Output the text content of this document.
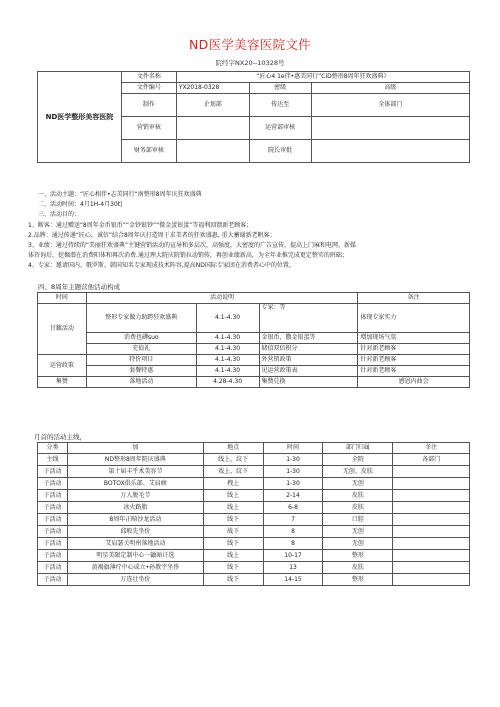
ND医学美容医院文件
院经字NX20--10328号
ND医学整形美容医院	文件名称	“匠心4 1e伴•惠美同行”CiD整形8周年狂欢盛典》		
	文件编号	YX2018-0328	密级	高级
	制作	企划部	传达至	全体部门
	营销审核		运营部审核	
	财务部审核		院长审批	
一、活动主题：“匠心相伴•志美同行“南整形8周年庆狂欢盛典
二、活动时间：4月1H-4月30t|
三、活动目的：
1、断客：通过赠送“8周年金币银币”“金钞银钞”“微金蛋银蛋”等福利回馈新老顾客；
2.品牌：通过传递“匠心，诚信”结合8周年庆打造周于求美者的狂欢盛惠, 重大蓄谢新老帆客；
3、业绩：通过持续的“美丽狂欢盛典”主键营销活动的宣导和多层次，高强度，大密度的广告宣传，提高上门麻和电网、新媒
体咨询后，挖掘潜在消费阳体和再次消费.通过理大院庆院销拉动销传，再创业绩新高，为全年业推完成更定整实的班础；
4、专家：邀请国内、俄罗斯、韩国知名专家现成技术阵容,提高ND国际专家团在消费者心中的位置，
四、8周年主题营他活动构成
时间	活动说明			备注
甘籁活动	整形专家做力助跨狂欢盛典	4.1-4.30	专家：等	体现专家实力
	消费也礴suo	4.1-4.30	金银币，撒金银蛋等	增加现场气氛
	充值礼	4.1-4.30	储值双倍积分	针对新老顾客
运营政策	特价项目	4.1-4.30	外营销政策	针对新老顾客
	套餐特惠	4.1-4.30	见运营政策表	针对新老顾客
集赞	落地活动	4.28-4.30	集赞兑换	感恩内曲会
月首的活动主线，
分类	加	地点	时间	部门归属	冬注
主线	ND整形8周年院庆盛典	线上、纹下	1-30	全院	各部门
子活动	第十届丰乎术美容节	戏上、纹下	1-30	无创、皮肤	
子活动	BOTOX俱乐部、艾肩癍	拽上	1-30	无创	
子活动	万人脱毛节	线上	2-14	皮肤	
子活动	冰火路脂	线上	6-8	皮肤	
子活动	8周年正畸沙龙活动	线下	7	口腔	
子活动	邱般先坐价	战下	8	无创	
子活动	艾肩瑟关明州落地活动	线下	8	无创	
子活动	明星美限定制中心一鼬暗讦选	线上	10-17	整形	
子活动	黄褐旗薄疗中心成立•孙教宇坐佟	线下	13	皮肤	
子活动	万连壮坐价	线下	14-15	整形	
